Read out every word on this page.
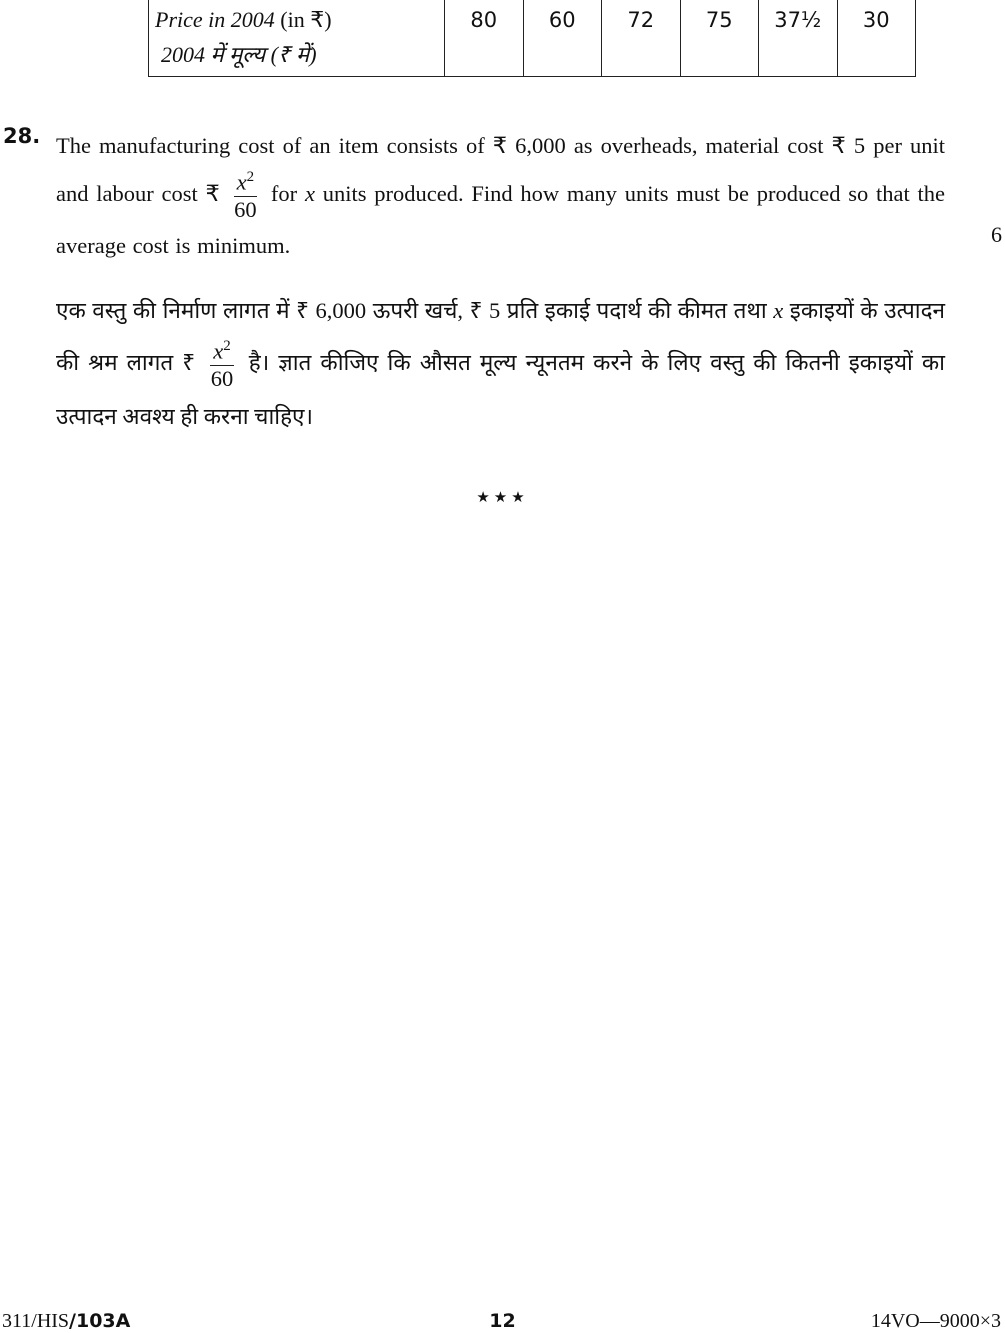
Price in 2004 (in ₹)
2004 में मूल्य (₹ में)
	80	60	72	75	37½	30
28. The manufacturing cost of an item consists of ₹ 6,000 as overheads, material cost ₹ 5 per unit and labour cost ₹ $\frac{x^2}{60}$ for x units produced. Find how many units must be produced so that the average cost is minimum.	6
एक वस्तु की निर्माण लागत में ₹ 6,000 ऊपरी खर्च, ₹ 5 प्रति इकाई पदार्थ की कीमत तथा x इकाइयों के उत्पादन की श्रम लागत ₹ $\frac{x^2}{60}$ है। ज्ञात कीजिए कि औसत मूल्य न्यूनतम करने के लिए वस्तु की कितनी इकाइयों का उत्पादन अवश्य ही करना चाहिए।
★★★
311/HIS/103A	12	14VO—9000×3
